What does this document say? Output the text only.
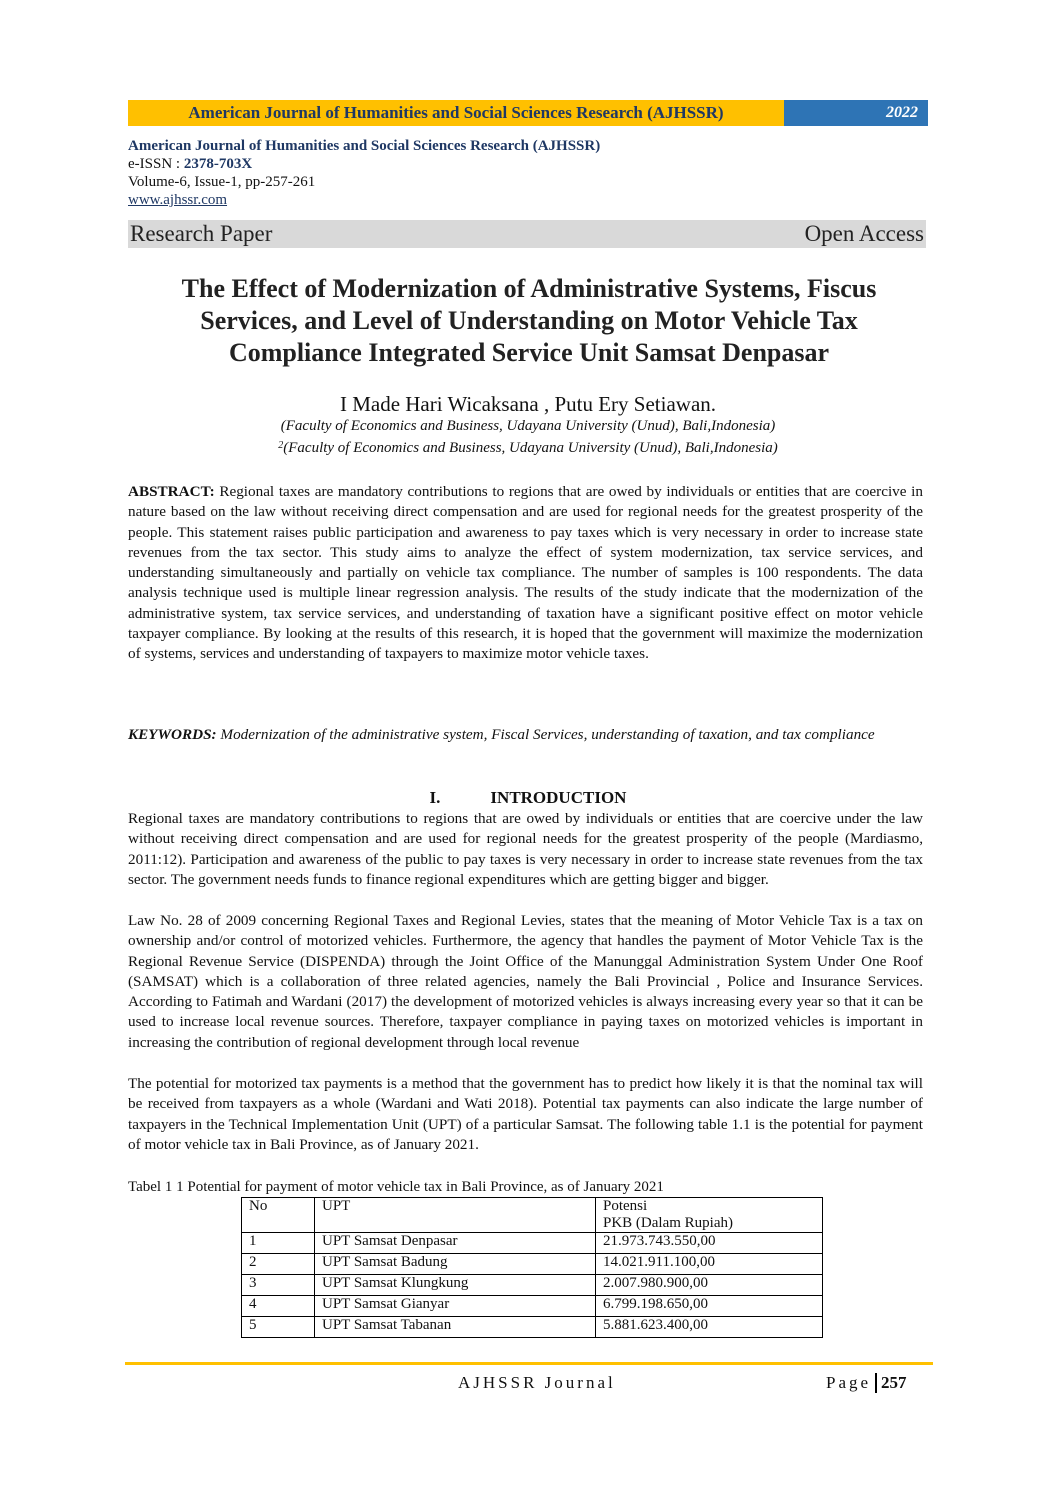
American Journal of Humanities and Social Sciences Research (AJHSSR)	2022
American Journal of Humanities and Social Sciences Research (AJHSSR)
e-ISSN : 2378-703X
Volume-6, Issue-1, pp-257-261
www.ajhssr.com
Research Paper	Open Access
The Effect of Modernization of Administrative Systems, Fiscus
Services, and Level of Understanding on Motor Vehicle Tax
Compliance Integrated Service Unit Samsat Denpasar
I Made Hari Wicaksana , Putu Ery Setiawan.
(Faculty of Economics and Business, Udayana University (Unud), Bali,Indonesia)
$^2$(Faculty of Economics and Business, Udayana University (Unud), Bali,Indonesia)
ABSTRACT: Regional taxes are mandatory contributions to regions that are owed by individuals or entities that are coercive in nature based on the law without receiving direct compensation and are used for regional needs for the greatest prosperity of the people. This statement raises public participation and awareness to pay taxes which is very necessary in order to increase state revenues from the tax sector. This study aims to analyze the effect of system modernization, tax service services, and understanding simultaneously and partially on vehicle tax compliance. The number of samples is 100 respondents. The data analysis technique used is multiple linear regression analysis. The results of the study indicate that the modernization of the administrative system, tax service services, and understanding of taxation have a significant positive effect on motor vehicle taxpayer compliance. By looking at the results of this research, it is hoped that the government will maximize the modernization of systems, services and understanding of taxpayers to maximize motor vehicle taxes.
KEYWORDS: Modernization of the administrative system, Fiscal Services, understanding of taxation, and tax compliance
I.	INTRODUCTION
Regional taxes are mandatory contributions to regions that are owed by individuals or entities that are coercive under the law without receiving direct compensation and are used for regional needs for the greatest prosperity of the people (Mardiasmo, 2011:12). Participation and awareness of the public to pay taxes is very necessary in order to increase state revenues from the tax sector. The government needs funds to finance regional expenditures which are getting bigger and bigger.
Law No. 28 of 2009 concerning Regional Taxes and Regional Levies, states that the meaning of Motor Vehicle Tax is a tax on ownership and/or control of motorized vehicles. Furthermore, the agency that handles the payment of Motor Vehicle Tax is the Regional Revenue Service (DISPENDA) through the Joint Office of the Manunggal Administration System Under One Roof (SAMSAT) which is a collaboration of three related agencies, namely the Bali Provincial , Police and Insurance Services. According to Fatimah and Wardani (2017) the development of motorized vehicles is always increasing every year so that it can be used to increase local revenue sources. Therefore, taxpayer compliance in paying taxes on motorized vehicles is important in increasing the contribution of regional development through local revenue
The potential for motorized tax payments is a method that the government has to predict how likely it is that the nominal tax will be received from taxpayers as a whole (Wardani and Wati 2018). Potential tax payments can also indicate the large number of taxpayers in the Technical Implementation Unit (UPT) of a particular Samsat. The following table 1.1 is the potential for payment of motor vehicle tax in Bali Province, as of January 2021.
Tabel 1 1 Potential for payment of motor vehicle tax in Bali Province, as of January 2021
No	UPT	Potensi
PKB (Dalam Rupiah)

1	UPT Samsat Denpasar	21.973.743.550,00
2	UPT Samsat Badung	14.021.911.100,00
3	UPT Samsat Klungkung	2.007.980.900,00
4	UPT Samsat Gianyar	6.799.198.650,00
5	UPT Samsat Tabanan	5.881.623.400,00
AJHSSR Journal	Page 257
